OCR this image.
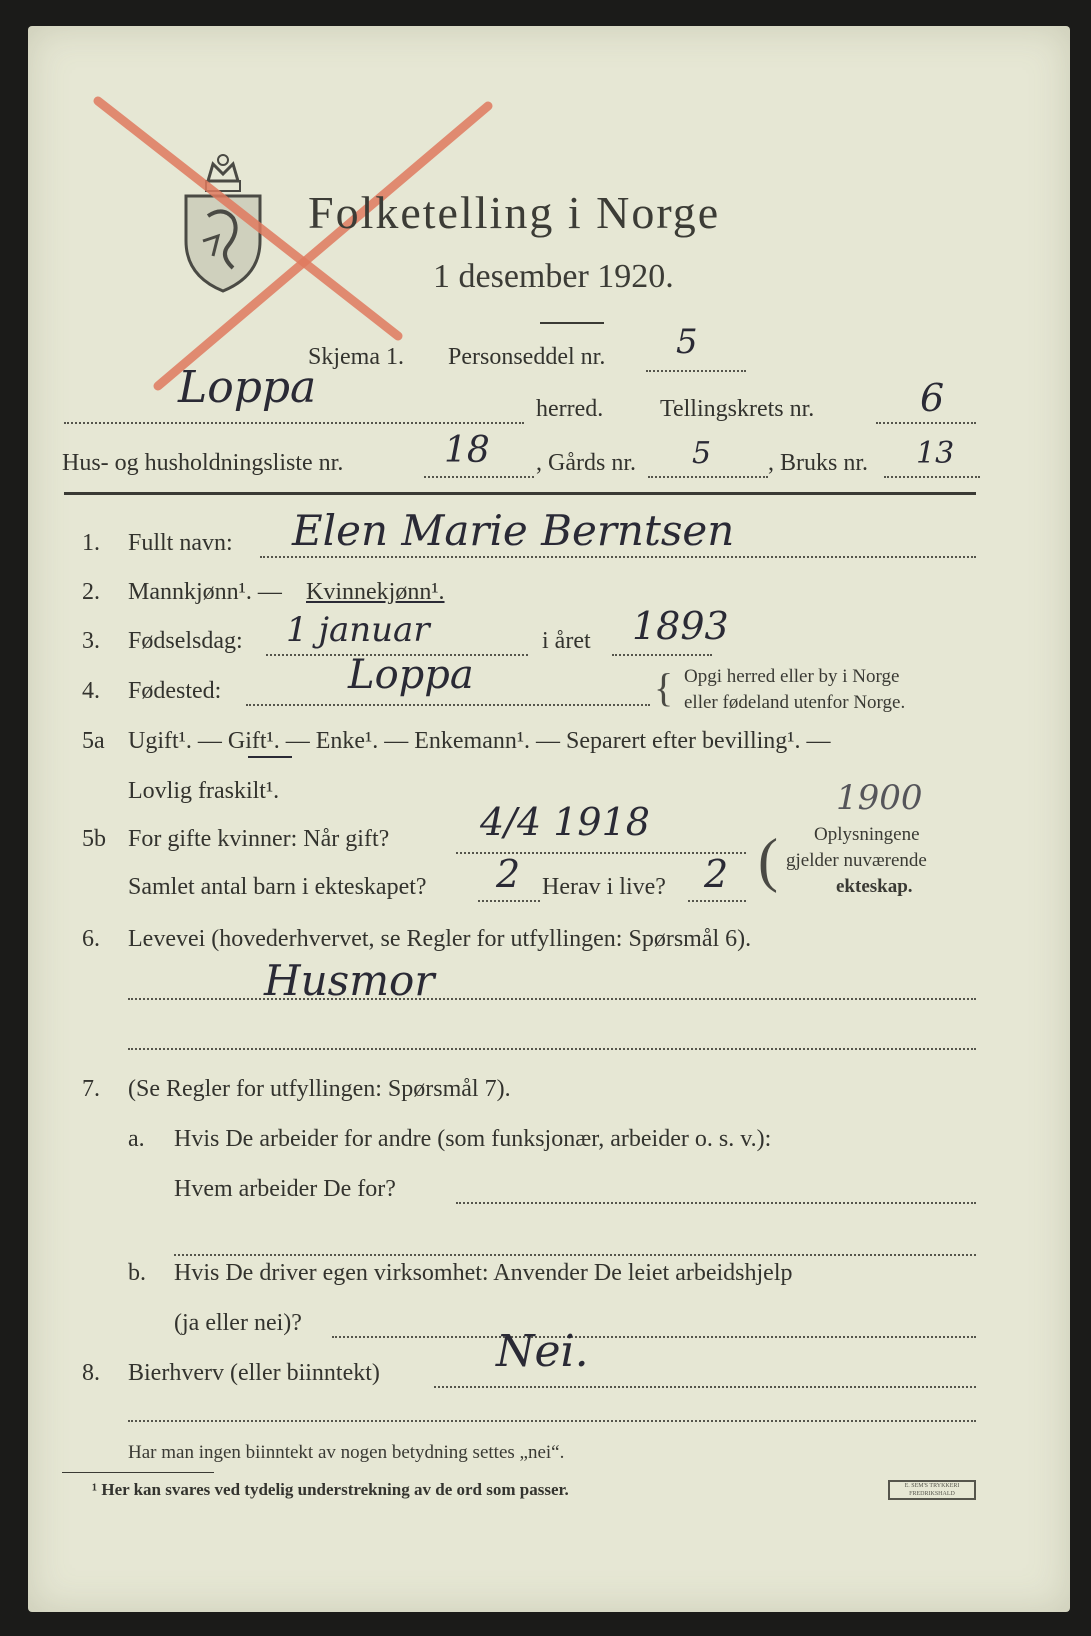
Folketelling i Norge
1 desember 1920.
Skjema 1. Personseddel nr. 5
Loppa	herred. Tellingskrets nr.	6
Hus- og husholdningsliste nr.	18 , Gårds nr. 5 , Bruks nr. 13
1. Fullt navn: Elen Marie Berntsen
2. Mannkjønn¹. — Kvinnekjønn¹.
3. Fødselsdag: 1 januar	i året 1893
4. Fødested:	Loppa	{ Opgi herred eller by i Norge
eller fødeland utenfor Norge.
5a Ugift¹. — Gift¹. — Enke¹. — Enkemann¹. — Separert efter bevilling¹. —
Lovlig fraskilt¹.
5b For gifte kvinner: Når gift? 4/4 1918
1900
Samlet antal barn i ekteskapet? 2 Herav i live? 2 ( Oplysningene
gjelder nuværende
ekteskap.
6. Levevei (hovederhvervet, se Regler for utfyllingen: Spørsmål 6).
Husmor
7. (Se Regler for utfyllingen: Spørsmål 7).
a. Hvis De arbeider for andre (som funksjonær, arbeider o. s. v.):
Hvem arbeider De for?
b. Hvis De driver egen virksomhet: Anvender De leiet arbeidshjelp
(ja eller nei)?
8. Bierhverv (eller biinntekt)	Nei.
Har man ingen biinntekt av nogen betydning settes „nei“.
¹ Her kan svares ved tydelig understrekning av de ord som passer.	E. SEM'S TRYKKERI FREDRIKSHALD
